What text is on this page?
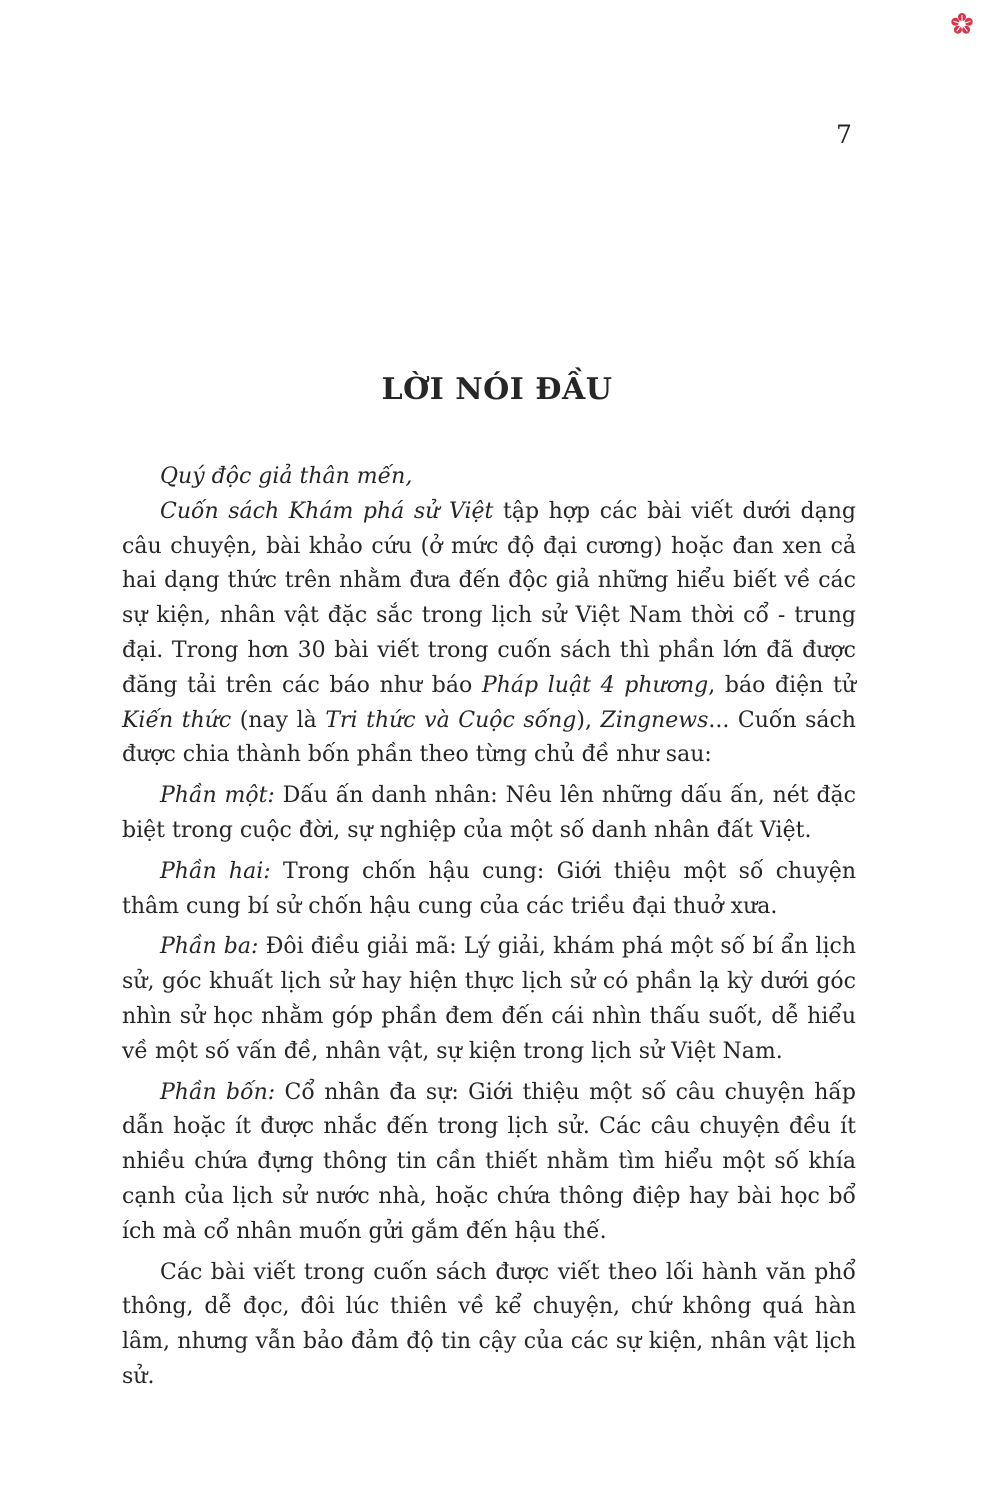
7
LỜI NÓI ĐẦU

Quý độc giả thân mến,

Cuốn sách Khám phá sử Việt tập hợp các bài viết dưới dạng câu chuyện, bài khảo cứu (ở mức độ đại cương) hoặc đan xen cả hai dạng thức trên nhằm đưa đến độc giả những hiểu biết về các sự kiện, nhân vật đặc sắc trong lịch sử Việt Nam thời cổ - trung đại. Trong hơn 30 bài viết trong cuốn sách thì phần lớn đã được đăng tải trên các báo như báo Pháp luật 4 phương, báo điện tử Kiến thức (nay là Tri thức và Cuộc sống), Zingnews... Cuốn sách được chia thành bốn phần theo từng chủ đề như sau:

Phần một: Dấu ấn danh nhân: Nêu lên những dấu ấn, nét đặc biệt trong cuộc đời, sự nghiệp của một số danh nhân đất Việt.

Phần hai: Trong chốn hậu cung: Giới thiệu một số chuyện thâm cung bí sử chốn hậu cung của các triều đại thuở xưa.

Phần ba: Đôi điều giải mã: Lý giải, khám phá một số bí ẩn lịch sử, góc khuất lịch sử hay hiện thực lịch sử có phần lạ kỳ dưới góc nhìn sử học nhằm góp phần đem đến cái nhìn thấu suốt, dễ hiểu về một số vấn đề, nhân vật, sự kiện trong lịch sử Việt Nam.

Phần bốn: Cổ nhân đa sự: Giới thiệu một số câu chuyện hấp dẫn hoặc ít được nhắc đến trong lịch sử. Các câu chuyện đều ít nhiều chứa đựng thông tin cần thiết nhằm tìm hiểu một số khía cạnh của lịch sử nước nhà, hoặc chứa thông điệp hay bài học bổ ích mà cổ nhân muốn gửi gắm đến hậu thế.

Các bài viết trong cuốn sách được viết theo lối hành văn phổ thông, dễ đọc, đôi lúc thiên về kể chuyện, chứ không quá hàn lâm, nhưng vẫn bảo đảm độ tin cậy của các sự kiện, nhân vật lịch sử.
